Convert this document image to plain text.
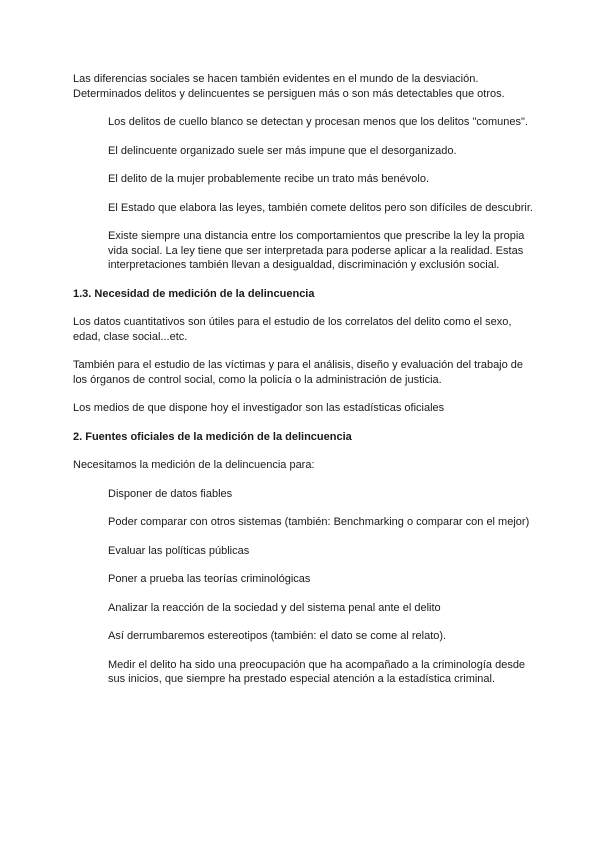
Las diferencias sociales se hacen también evidentes en el mundo de la desviación. Determinados delitos y delincuentes se persiguen más o son más detectables que otros.

Los delitos de cuello blanco se detectan y procesan menos que los delitos "comunes".

El delincuente organizado suele ser más impune que el desorganizado.

El delito de la mujer probablemente recibe un trato más benévolo.

El Estado que elabora las leyes, también comete delitos pero son difíciles de descubrir.

Existe siempre una distancia entre los comportamientos que prescribe la ley la propia vida social. La ley tiene que ser interpretada para poderse aplicar a la realidad. Estas interpretaciones también llevan a desigualdad, discriminación y exclusión social.

1.3. Necesidad de medición de la delincuencia

Los datos cuantitativos son útiles para el estudio de los correlatos del delito como el sexo, edad, clase social...etc.

También para el estudio de las víctimas y para el análisis, diseño y evaluación del trabajo de los órganos de control social, como la policía o la administración de justicia.

Los medios de que dispone hoy el investigador son las estadísticas oficiales

2. Fuentes oficiales de la medición de la delincuencia

Necesitamos la medición de la delincuencia para:

Disponer de datos fiables

Poder comparar con otros sistemas (también: Benchmarking o comparar con el mejor)

Evaluar las políticas públicas

Poner a prueba las teorías criminológicas

Analizar la reacción de la sociedad y del sistema penal ante el delito

Así derrumbaremos estereotipos (también: el dato se come al relato).

Medir el delito ha sido una preocupación que ha acompañado a la criminología desde sus inicios, que siempre ha prestado especial atención a la estadística criminal.
